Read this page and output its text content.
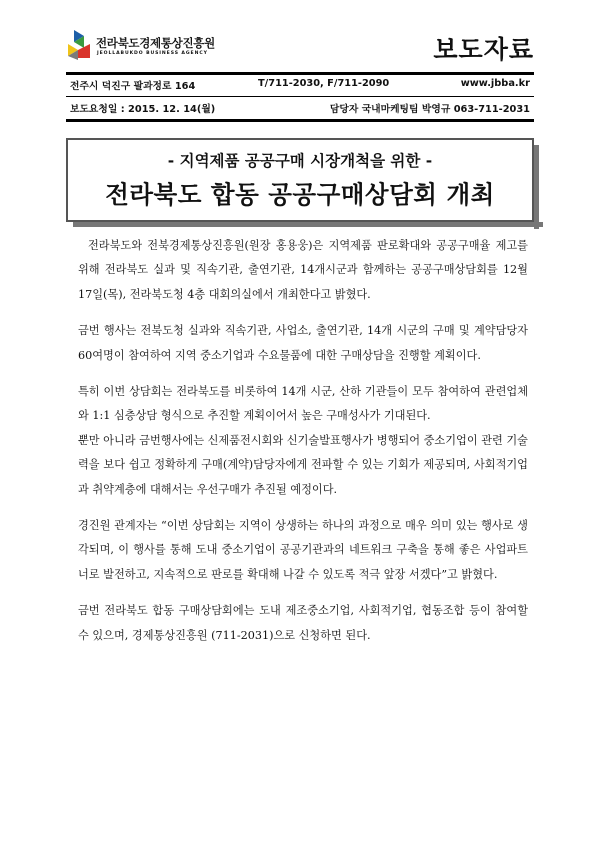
전라북도경제통상진흥원
JEOLLABUKDO BUSINESS AGENCY	보도자료
전주시 덕진구 팔과정로 164	T/711-2030, F/711-2090	www.jbba.kr
보도요청일 : 2015. 12. 14(월)	담당자 국내마케팅팀 박영규 063-711-2031
- 지역제품 공공구매 시장개척을 위한 -
전라북도 합동 공공구매상담회 개최

전라북도와 전북경제통상진흥원(원장 홍용웅)은 지역제품 판로확대와 공공구매율 제고를 위해 전라북도 실과 및 직속기관, 출연기관, 14개시군과 함께하는 공공구매상담회를 12월 17일(목), 전라북도청 4층 대회의실에서 개최한다고 밝혔다.

금번 행사는 전북도청 실과와 직속기관, 사업소, 출연기관, 14개 시군의 구매 및 계약담당자 60여명이 참여하여 지역 중소기업과 수요물품에 대한 구매상담을 진행할 계획이다.

특히 이번 상담회는 전라북도를 비롯하여 14개 시군, 산하 기관들이 모두 참여하여 관련업체와 1:1 심층상담 형식으로 추진할 계획이어서 높은 구매성사가 기대된다.

뿐만 아니라 금번행사에는 신제품전시회와 신기술발표행사가 병행되어 중소기업이 관련 기술력을 보다 쉽고 정확하게 구매(계약)담당자에게 전파할 수 있는 기회가 제공되며, 사회적기업과 취약계층에 대해서는 우선구매가 추진될 예정이다.

경진원 관계자는 “이번 상담회는 지역이 상생하는 하나의 과정으로 매우 의미 있는 행사로 생각되며, 이 행사를 통해 도내 중소기업이 공공기관과의 네트워크 구축을 통해 좋은 사업파트너로 발전하고, 지속적으로 판로를 확대해 나갈 수 있도록 적극 앞장 서겠다”고 밝혔다.

금번 전라북도 합동 구매상담회에는 도내 제조중소기업, 사회적기업, 협동조합 등이 참여할 수 있으며, 경제통상진흥원 (711-2031)으로 신청하면 된다.
